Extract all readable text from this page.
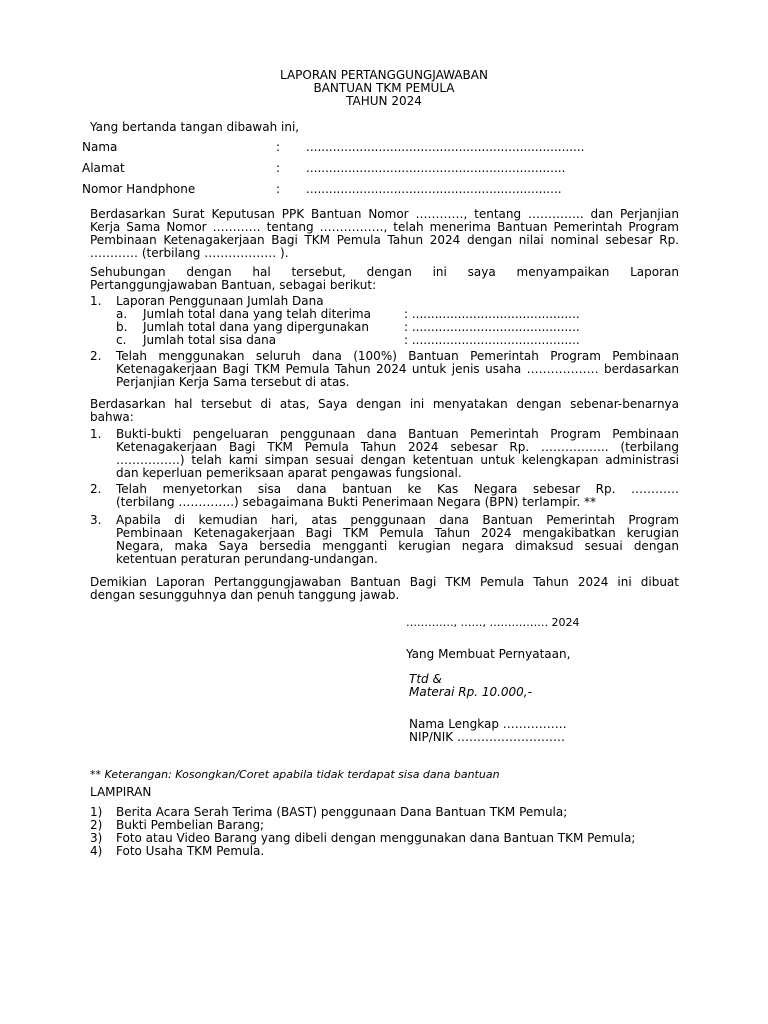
LAPORAN PERTANGGUNGJAWABAN
BANTUAN TKM PEMULA
TAHUN 2024
Yang bertanda tangan dibawah ini,
Nama	: .........................................................................
Alamat	: ....................................................................
Nomor Handphone	: ...................................................................
Berdasarkan Surat Keputusan PPK Bantuan Nomor …………, tentang ………….. dan Perjanjian
Kerja Sama Nomor ………… tentang ……………., telah menerima Bantuan Pemerintah Program
Pembinaan Ketenagakerjaan Bagi TKM Pemula Tahun 2024 dengan nilai nominal sebesar Rp.
………… (terbilang ……………… ).
Sehubungan dengan hal tersebut, dengan ini saya menyampaikan Laporan
Pertanggungjawaban Bantuan, sebagai berikut:
1. Laporan Penggunaan Jumlah Dana
a. Jumlah total dana yang telah diterima	: ............................................
b. Jumlah total dana yang dipergunakan	: ............................................
c. Jumlah total sisa dana	: ............................................
2. Telah menggunakan seluruh dana (100%) Bantuan Pemerintah Program Pembinaan
Ketenagakerjaan Bagi TKM Pemula Tahun 2024 untuk jenis usaha ……………… berdasarkan
Perjanjian Kerja Sama tersebut di atas.
Berdasarkan hal tersebut di atas, Saya dengan ini menyatakan dengan sebenar-benarnya
bahwa:
1. Bukti-bukti pengeluaran penggunaan dana Bantuan Pemerintah Program Pembinaan
Ketenagakerjaan Bagi TKM Pemula Tahun 2024 sebesar Rp. …………….. (terbilang
…………….) telah kami simpan sesuai dengan ketentuan untuk kelengkapan administrasi
dan keperluan pemeriksaan aparat pengawas fungsional.
2. Telah menyetorkan sisa dana bantuan ke Kas Negara sebesar Rp. …………
(terbilang …………..) sebagaimana Bukti Penerimaan Negara (BPN) terlampir. **
3. Apabila di kemudian hari, atas penggunaan dana Bantuan Pemerintah Program
Pembinaan Ketenagakerjaan Bagi TKM Pemula Tahun 2024 mengakibatkan kerugian
Negara, maka Saya bersedia mengganti kerugian negara dimaksud sesuai dengan
ketentuan peraturan perundang-undangan.
Demikian Laporan Pertanggungjawaban Bantuan Bagi TKM Pemula Tahun 2024 ini dibuat
dengan sesungguhnya dan penuh tanggung jawab.
…………., ……, ……………. 2024
Yang Membuat Pernyataan,
Ttd &
Materai Rp. 10.000,-
Nama Lengkap …………….
NIP/NIK ………………………
** Keterangan: Kosongkan/Coret apabila tidak terdapat sisa dana bantuan
LAMPIRAN
1) Berita Acara Serah Terima (BAST) penggunaan Dana Bantuan TKM Pemula;
2) Bukti Pembelian Barang;
3) Foto atau Video Barang yang dibeli dengan menggunakan dana Bantuan TKM Pemula;
4) Foto Usaha TKM Pemula.
